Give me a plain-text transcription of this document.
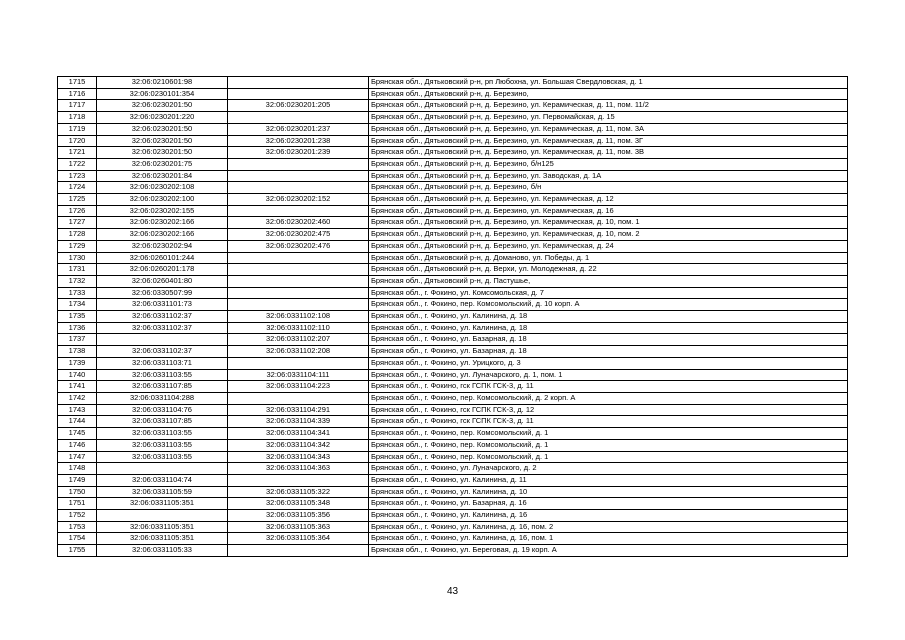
1715	32:06:0210601:98		Брянская обл., Дятьковский р-н, рп Любохна, ул. Большая Свердловская, д. 1
1716	32:06:0230101:354		Брянская обл., Дятьковский р-н, д. Березино,
1717	32:06:0230201:50	32:06:0230201:205	Брянская обл., Дятьковский р-н, д. Березино, ул. Керамическая, д. 11, пом. 11/2
1718	32:06:0230201:220		Брянская обл., Дятьковский р-н, д. Березино, ул. Первомайская, д. 15
1719	32:06:0230201:50	32:06:0230201:237	Брянская обл., Дятьковский р-н, д. Березино, ул. Керамическая, д. 11, пом. 3А
1720	32:06:0230201:50	32:06:0230201:238	Брянская обл., Дятьковский р-н, д. Березино, ул. Керамическая, д. 11, пом. 3Г
1721	32:06:0230201:50	32:06:0230201:239	Брянская обл., Дятьковский р-н, д. Березино, ул. Керамическая, д. 11, пом. 3В
1722	32:06:0230201:75		Брянская обл., Дятьковский р-н, д. Березино, б/н125
1723	32:06:0230201:84		Брянская обл., Дятьковский р-н, д. Березино, ул. Заводская, д. 1А
1724	32:06:0230202:108		Брянская обл., Дятьковский р-н, д. Березино, б/н
1725	32:06:0230202:100	32:06:0230202:152	Брянская обл., Дятьковский р-н, д. Березино, ул. Керамическая, д. 12
1726	32:06:0230202:155		Брянская обл., Дятьковский р-н, д. Березино, ул. Керамическая, д. 16
1727	32:06:0230202:166	32:06:0230202:460	Брянская обл., Дятьковский р-н, д. Березино, ул. Керамическая, д. 10, пом. 1
1728	32:06:0230202:166	32:06:0230202:475	Брянская обл., Дятьковский р-н, д. Березино, ул. Керамическая, д. 10, пом. 2
1729	32:06:0230202:94	32:06:0230202:476	Брянская обл., Дятьковский р-н, д. Березино, ул. Керамическая, д. 24
1730	32:06:0260101:244		Брянская обл., Дятьковский р-н, д. Доманово, ул. Победы, д. 1
1731	32:06:0260201:178		Брянская обл., Дятьковский р-н, д. Верхи, ул. Молодежная, д. 22
1732	32:06:0260401:80		Брянская обл., Дятьковский р-н, д. Пастушье,
1733	32:06:0330507:99		Брянская обл., г. Фокино, ул. Комсомольская, д. 7
1734	32:06:0331101:73		Брянская обл., г. Фокино, пер. Комсомольский, д. 10 корп. А
1735	32:06:0331102:37	32:06:0331102:108	Брянская обл., г. Фокино, ул. Калинина, д. 18
1736	32:06:0331102:37	32:06:0331102:110	Брянская обл., г. Фокино, ул. Калинина, д. 18
1737		32:06:0331102:207	Брянская обл., г. Фокино, ул. Базарная, д. 18
1738	32:06:0331102:37	32:06:0331102:208	Брянская обл., г. Фокино, ул. Базарная, д. 18
1739	32:06:0331103:71		Брянская обл., г. Фокино, ул. Урицкого, д. 3
1740	32:06:0331103:55	32:06:0331104:111	Брянская обл., г. Фокино, ул. Луначарского, д. 1, пом. 1
1741	32:06:0331107:85	32:06:0331104:223	Брянская обл., г. Фокино, гск ГСПК ГСК-3, д. 11
1742	32:06:0331104:288		Брянская обл., г. Фокино, пер. Комсомольский, д. 2 корп. А
1743	32:06:0331104:76	32:06:0331104:291	Брянская обл., г. Фокино, гск ГСПК ГСК-3, д. 12
1744	32:06:0331107:85	32:06:0331104:339	Брянская обл., г. Фокино, гск ГСПК ГСК-3, д. 11
1745	32:06:0331103:55	32:06:0331104:341	Брянская обл., г. Фокино, пер. Комсомольский, д. 1
1746	32:06:0331103:55	32:06:0331104:342	Брянская обл., г. Фокино, пер. Комсомольский, д. 1
1747	32:06:0331103:55	32:06:0331104:343	Брянская обл., г. Фокино, пер. Комсомольский, д. 1
1748		32:06:0331104:363	Брянская обл., г. Фокино, ул. Луначарского, д. 2
1749	32:06:0331104:74		Брянская обл., г. Фокино, ул. Калинина, д. 11
1750	32:06:0331105:59	32:06:0331105:322	Брянская обл., г. Фокино, ул. Калинина, д. 10
1751	32:06:0331105:351	32:06:0331105:348	Брянская обл., г. Фокино, ул. Базарная, д. 16
1752		32:06:0331105:356	Брянская обл., г. Фокино, ул. Калинина, д. 16
1753	32:06:0331105:351	32:06:0331105:363	Брянская обл., г. Фокино, ул. Калинина, д. 16, пом. 2
1754	32:06:0331105:351	32:06:0331105:364	Брянская обл., г. Фокино, ул. Калинина, д. 16, пом. 1
1755	32:06:0331105:33		Брянская обл., г. Фокино, ул. Береговая, д. 19 корп. А
43
